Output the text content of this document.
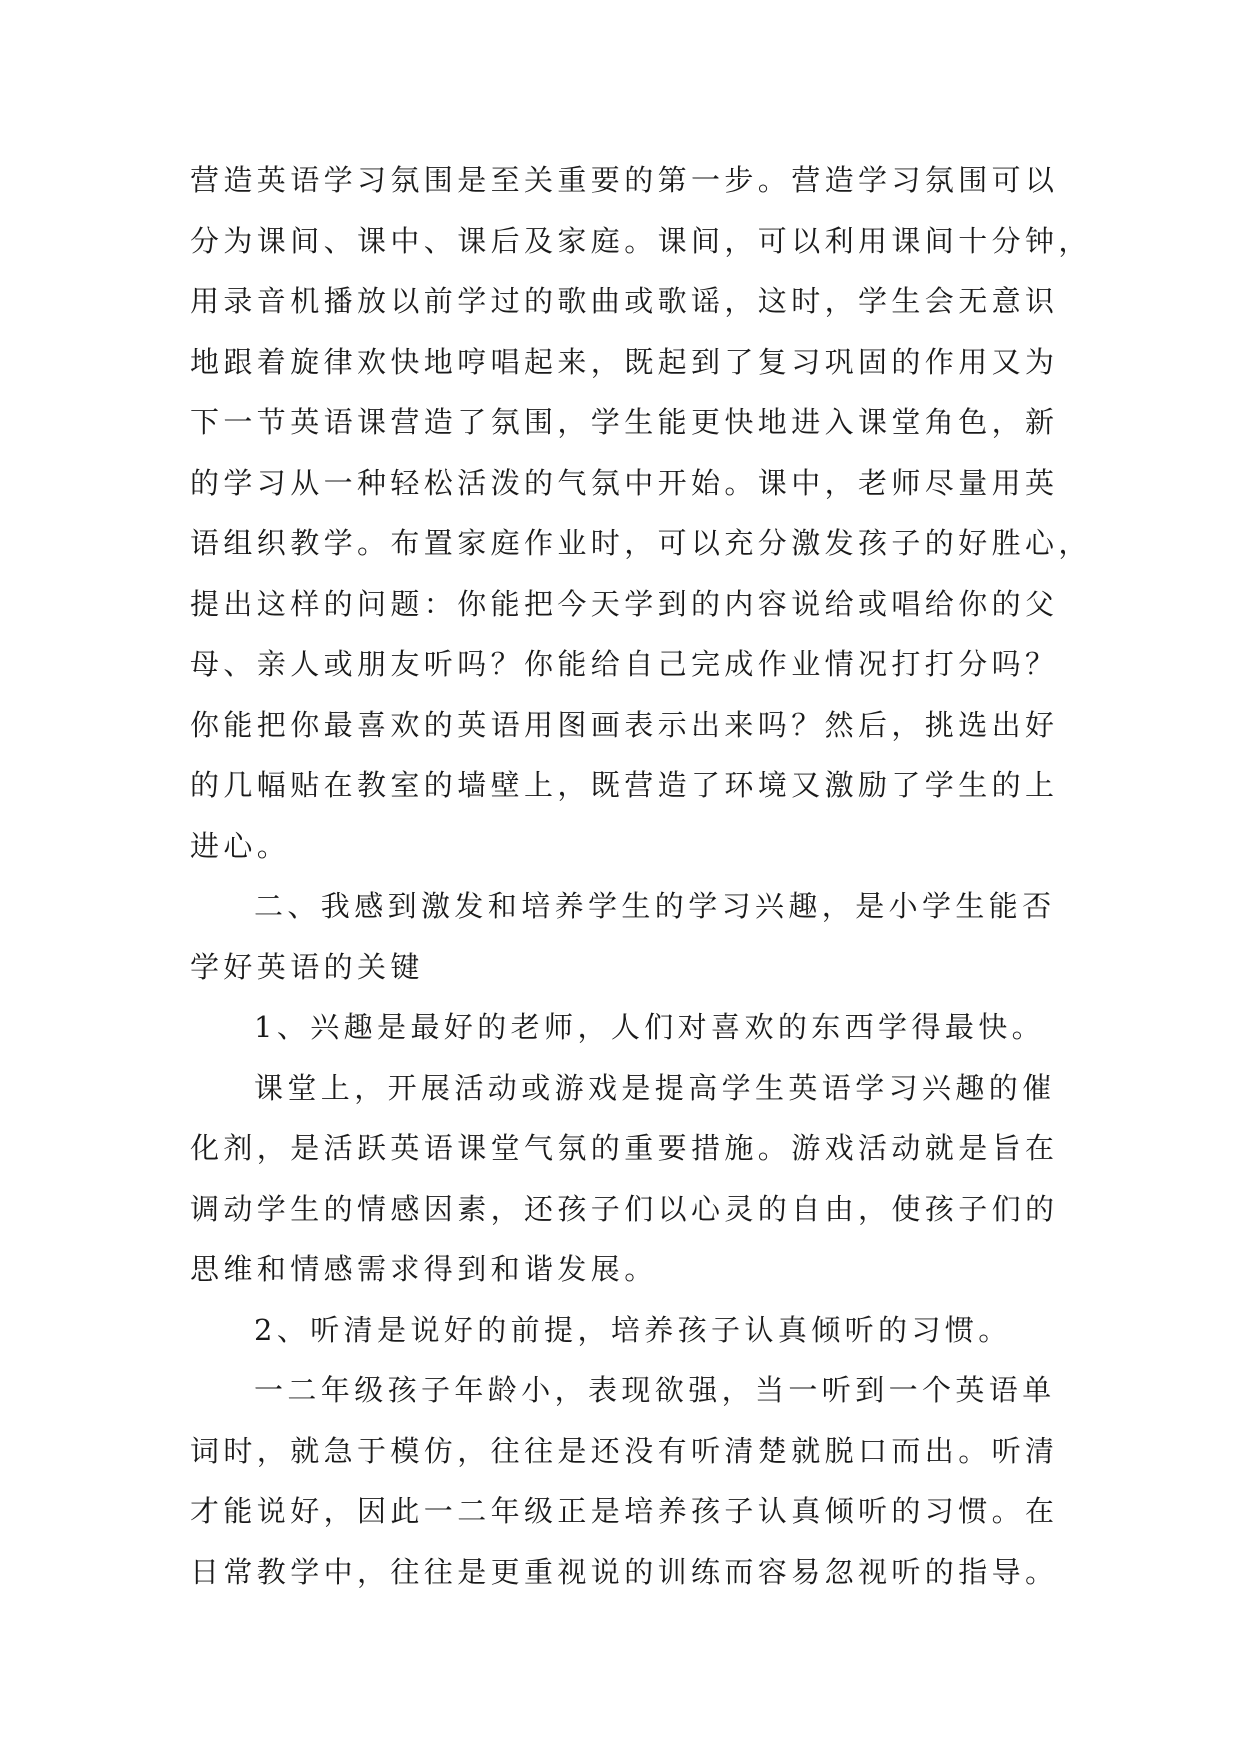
营造英语学习氛围是至关重要的第一步。营造学习氛围可以
分为课间、课中、课后及家庭。课间，可以利用课间十分钟，
用录音机播放以前学过的歌曲或歌谣，这时，学生会无意识
地跟着旋律欢快地哼唱起来，既起到了复习巩固的作用又为
下一节英语课营造了氛围，学生能更快地进入课堂角色，新
的学习从一种轻松活泼的气氛中开始。课中，老师尽量用英
语组织教学。布置家庭作业时，可以充分激发孩子的好胜心，
提出这样的问题：你能把今天学到的内容说给或唱给你的父
母、亲人或朋友听吗？你能给自己完成作业情况打打分吗？
你能把你最喜欢的英语用图画表示出来吗？然后，挑选出好
的几幅贴在教室的墙壁上，既营造了环境又激励了学生的上
进心。
二、我感到激发和培养学生的学习兴趣，是小学生能否
学好英语的关键
1、兴趣是最好的老师，人们对喜欢的东西学得最快。
课堂上，开展活动或游戏是提高学生英语学习兴趣的催
化剂，是活跃英语课堂气氛的重要措施。游戏活动就是旨在
调动学生的情感因素，还孩子们以心灵的自由，使孩子们的
思维和情感需求得到和谐发展。
2、听清是说好的前提，培养孩子认真倾听的习惯。
一二年级孩子年龄小，表现欲强，当一听到一个英语单
词时，就急于模仿，往往是还没有听清楚就脱口而出。听清
才能说好，因此一二年级正是培养孩子认真倾听的习惯。在
日常教学中，往往是更重视说的训练而容易忽视听的指导。
